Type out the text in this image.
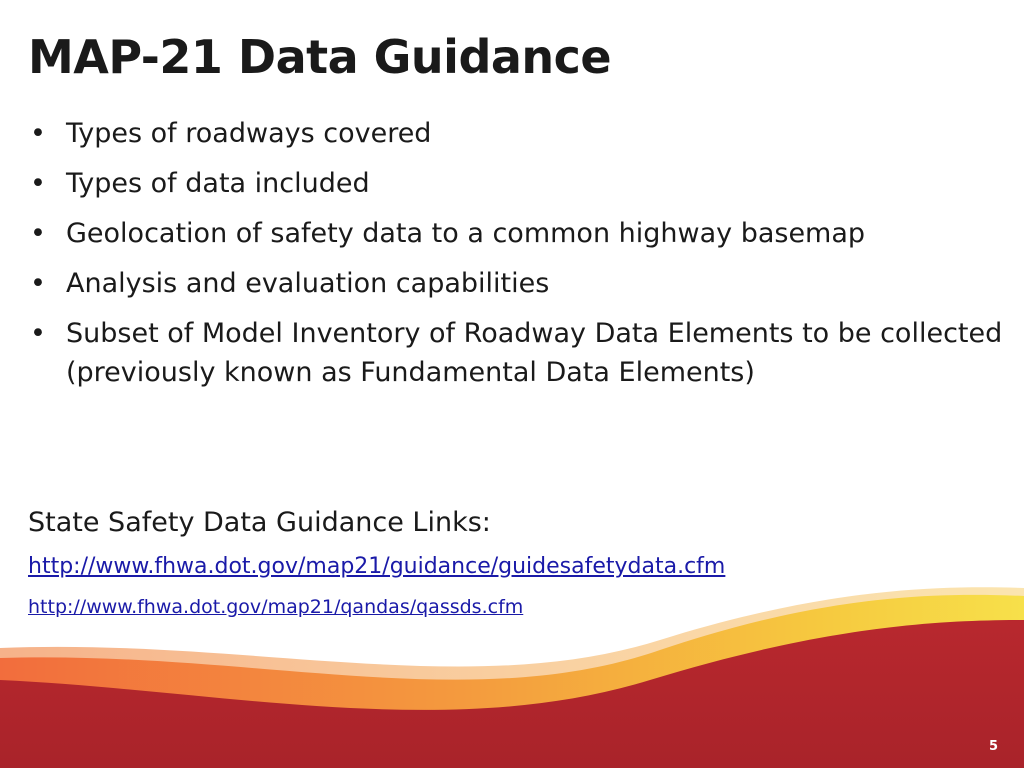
MAP-21 Data Guidance
• Types of roadways covered
• Types of data included
• Geolocation of safety data to a common highway basemap
• Analysis and evaluation capabilities
• Subset of Model Inventory of Roadway Data Elements to be collected (previously known as Fundamental Data Elements)

State Safety Data Guidance Links:

http://www.fhwa.dot.gov/map21/guidance/guidesafetydata.cfm
http://www.fhwa.dot.gov/map21/qandas/qassds.cfm
5
